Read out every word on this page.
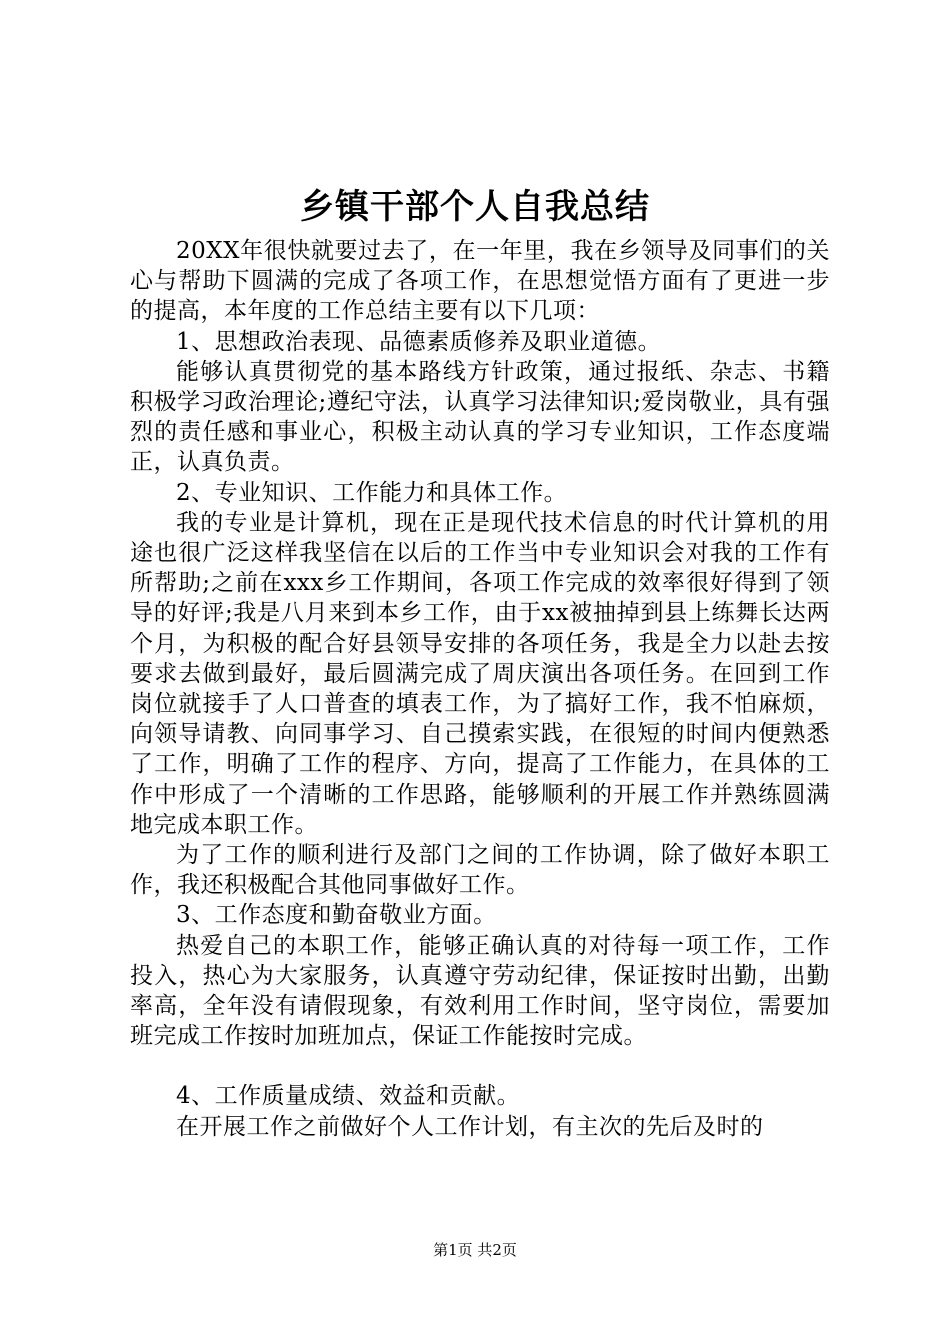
乡镇干部个人自我总结

20XX年很快就要过去了，在一年里，我在乡领导及同事们的关心与帮助下圆满的完成了各项工作，在思想觉悟方面有了更进一步的提高，本年度的工作总结主要有以下几项：

1、思想政治表现、品德素质修养及职业道德。

能够认真贯彻党的基本路线方针政策，通过报纸、杂志、书籍积极学习政治理论;遵纪守法，认真学习法律知识;爱岗敬业，具有强烈的责任感和事业心，积极主动认真的学习专业知识，工作态度端正，认真负责。

2、专业知识、工作能力和具体工作。

我的专业是计算机，现在正是现代技术信息的时代计算机的用途也很广泛这样我坚信在以后的工作当中专业知识会对我的工作有所帮助;之前在xxx乡工作期间，各项工作完成的效率很好得到了领导的好评;我是八月来到本乡工作，由于xx被抽掉到县上练舞长达两个月，为积极的配合好县领导安排的各项任务，我是全力以赴去按要求去做到最好，最后圆满完成了周庆演出各项任务。在回到工作岗位就接手了人口普查的填表工作，为了搞好工作，我不怕麻烦，向领导请教、向同事学习、自己摸索实践，在很短的时间内便熟悉了工作，明确了工作的程序、方向，提高了工作能力，在具体的工作中形成了一个清晰的工作思路，能够顺利的开展工作并熟练圆满地完成本职工作。

为了工作的顺利进行及部门之间的工作协调，除了做好本职工作，我还积极配合其他同事做好工作。

3、工作态度和勤奋敬业方面。

热爱自己的本职工作，能够正确认真的对待每一项工作，工作投入，热心为大家服务，认真遵守劳动纪律，保证按时出勤，出勤率高，全年没有请假现象，有效利用工作时间，坚守岗位，需要加班完成工作按时加班加点，保证工作能按时完成。

4、工作质量成绩、效益和贡献。

在开展工作之前做好个人工作计划，有主次的先后及时的

第1页 共2页
